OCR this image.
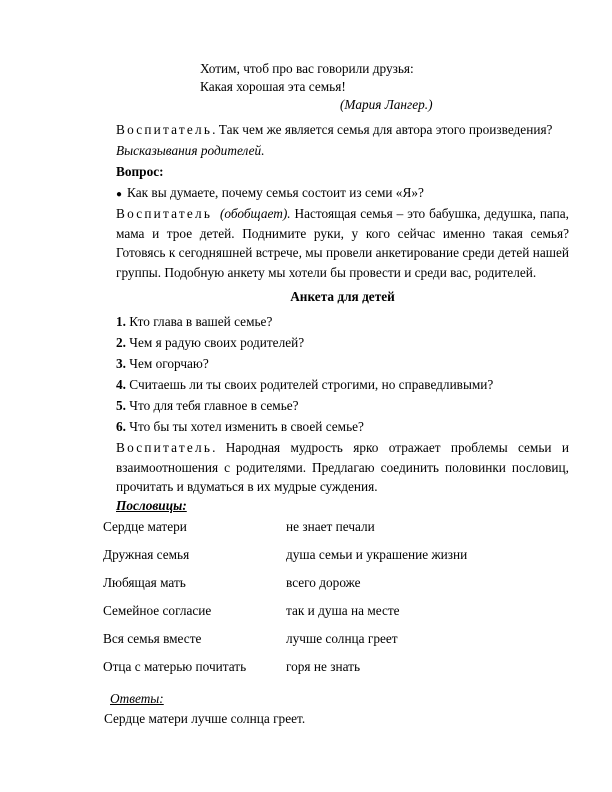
Хотим, чтоб про вас говорили друзья:
Какая хорошая эта семья!
(Мария Лангер.)
Воспитатель. Так чем же является семья для автора этого произведения?
Высказывания родителей.
Вопрос:
● Как вы думаете, почему семья состоит из семи «Я»?
Воспитатель (обобщает). Настоящая семья – это бабушка, дедушка, папа, мама и трое детей. Поднимите руки, у кого сейчас именно такая семья? Готовясь к сегодняшней встрече, мы провели анкетирование среди детей нашей группы. Подобную анкету мы хотели бы провести и среди вас, родителей.
Анкета для детей
1. Кто глава в вашей семье?
2. Чем я радую своих родителей?
3. Чем огорчаю?
4. Считаешь ли ты своих родителей строгими, но справедливыми?
5. Что для тебя главное в семье?
6. Что бы ты хотел изменить в своей семье?
Воспитатель. Народная мудрость ярко отражает проблемы семьи и взаимоотношения с родителями. Предлагаю соединить половинки пословиц, прочитать и вдуматься в их мудрые суждения.
Пословицы:
Сердце матери	не знает печали
Дружная семья	душа семьи и украшение жизни
Любящая мать	всего дороже
Семейное согласие	так и душа на месте
Вся семья вместе	лучше солнца греет
Отца с матерью почитать	горя не знать
Ответы:
Сердце матери лучше солнца греет.
